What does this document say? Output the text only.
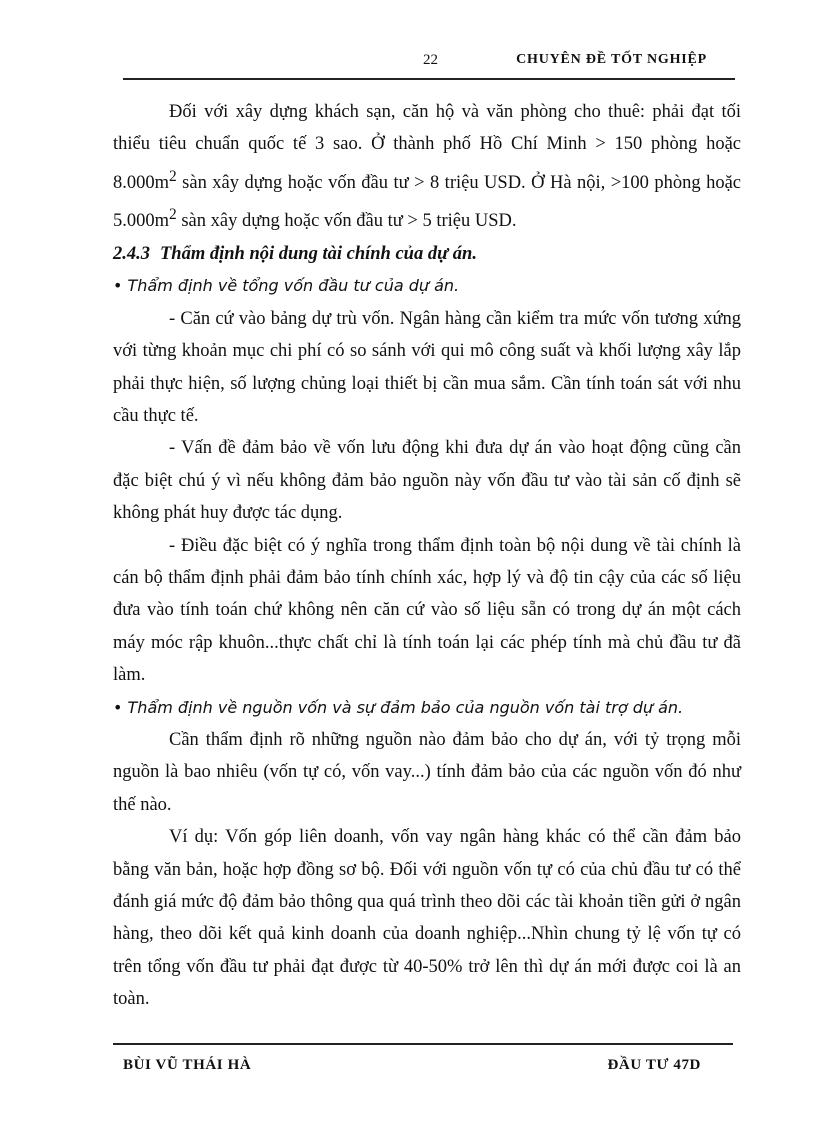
22	CHUYÊN ĐỀ TỐT NGHIỆP

Đối với xây dựng khách sạn, căn hộ và văn phòng cho thuê: phải đạt tối thiểu tiêu chuẩn quốc tế 3 sao. Ở thành phố Hồ Chí Minh > 150 phòng hoặc $8.000m^2$ sàn xây dựng hoặc vốn đầu tư > 8 triệu USD. Ở Hà nội, >100 phòng hoặc $5.000m^2$ sàn xây dựng hoặc vốn đầu tư > 5 triệu USD.

2.4.3 Thẩm định nội dung tài chính của dự án.

• Thẩm định về tổng vốn đầu tư của dự án.

- Căn cứ vào bảng dự trù vốn. Ngân hàng cần kiểm tra mức vốn tương xứng với từng khoản mục chi phí có so sánh với qui mô công suất và khối lượng xây lắp phải thực hiện, số lượng chủng loại thiết bị cần mua sắm. Cần tính toán sát với nhu cầu thực tế.

- Vấn đề đảm bảo về vốn lưu động khi đưa dự án vào hoạt động cũng cần đặc biệt chú ý vì nếu không đảm bảo nguồn này vốn đầu tư vào tài sản cố định sẽ không phát huy được tác dụng.

- Điều đặc biệt có ý nghĩa trong thẩm định toàn bộ nội dung về tài chính là cán bộ thẩm định phải đảm bảo tính chính xác, hợp lý và độ tin cậy của các số liệu đưa vào tính toán chứ không nên căn cứ vào số liệu sẵn có trong dự án một cách máy móc rập khuôn...thực chất chỉ là tính toán lại các phép tính mà chủ đầu tư đã làm.

• Thẩm định về nguồn vốn và sự đảm bảo của nguồn vốn tài trợ dự án.

Cần thẩm định rõ những nguồn nào đảm bảo cho dự án, với tỷ trọng mỗi nguồn là bao nhiêu (vốn tự có, vốn vay...) tính đảm bảo của các nguồn vốn đó như thế nào.

Ví dụ: Vốn góp liên doanh, vốn vay ngân hàng khác có thể cần đảm bảo bằng văn bản, hoặc hợp đồng sơ bộ. Đối với nguồn vốn tự có của chủ đầu tư có thể đánh giá mức độ đảm bảo thông qua quá trình theo dõi các tài khoản tiền gửi ở ngân hàng, theo dõi kết quả kinh doanh của doanh nghiệp...Nhìn chung tỷ lệ vốn tự có trên tổng vốn đầu tư phải đạt được từ 40-50% trở lên thì dự án mới được coi là an toàn.

BÙI VŨ THÁI HÀ	ĐẦU TƯ 47D
